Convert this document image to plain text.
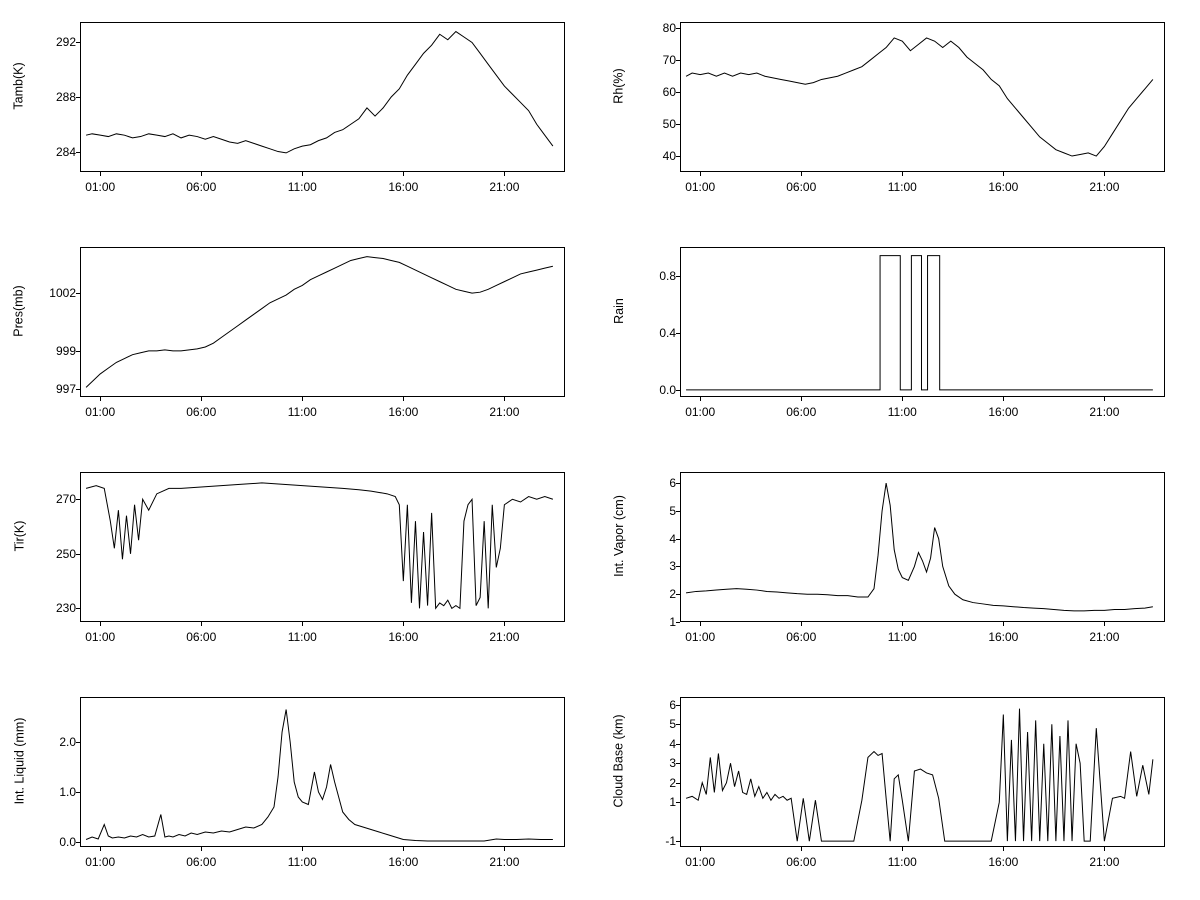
Tamb(K)
284
288
292
01:00	06:00	11:00	16:00	21:00
Rh(%)
40
50
60
70
80
01:00	06:00	11:00	16:00	21:00
Pres(mb)
997
999
1002
01:00	06:00	11:00	16:00	21:00
Rain
0.0
0.4
0.8
01:00	06:00	11:00	16:00	21:00
Tir(K)
230
250
270
01:00	06:00	11:00	16:00	21:00
Int. Vapor (cm)
1
2
3
4
5
6
01:00	06:00	11:00	16:00	21:00
Int. Liquid (mm)
0.0
1.0
2.0
01:00	06:00	11:00	16:00	21:00
Cloud Base (km)
-1
1
2
3
4
5
6
01:00	06:00	11:00	16:00	21:00
